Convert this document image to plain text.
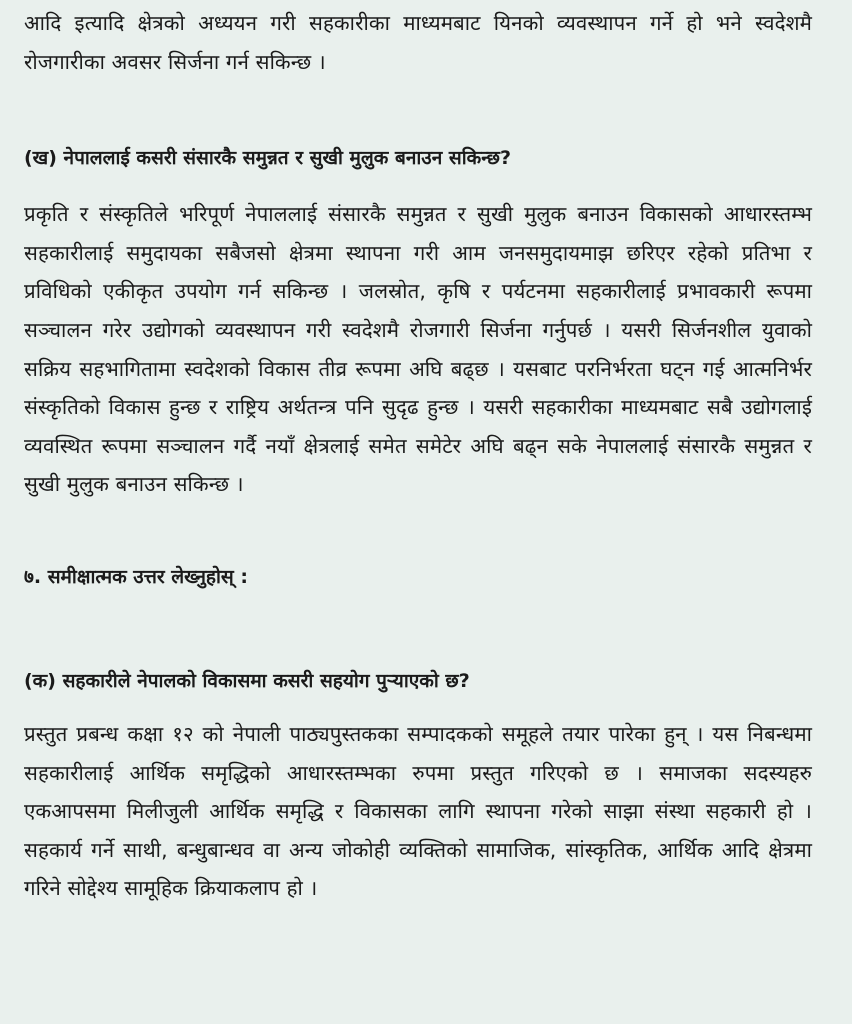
आदि इत्यादि क्षेत्रको अध्ययन गरी सहकारीका माध्यमबाट यिनको व्यवस्थापन गर्ने हो भने स्वदेशमै रोजगारीका अवसर सिर्जना गर्न सकिन्छ ।

(ख) नेपाललाई कसरी संसारकै समुन्नत र सुखी मुलुक बनाउन सकिन्छ?

प्रकृति र संस्कृतिले भरिपूर्ण नेपाललाई संसारकै समुन्नत र सुखी मुलुक बनाउन विकासको आधारस्तम्भ सहकारीलाई समुदायका सबैजसो क्षेत्रमा स्थापना गरी आम जनसमुदायमाझ छरिएर रहेको प्रतिभा र प्रविधिको एकीकृत उपयोग गर्न सकिन्छ । जलस्रोत, कृषि र पर्यटनमा सहकारीलाई प्रभावकारी रूपमा सञ्चालन गरेर उद्योगको व्यवस्थापन गरी स्वदेशमै रोजगारी सिर्जना गर्नुपर्छ । यसरी सिर्जनशील युवाको सक्रिय सहभागितामा स्वदेशको विकास तीव्र रूपमा अघि बढ्छ । यसबाट परनिर्भरता घट्न गई आत्मनिर्भर संस्कृतिको विकास हुन्छ र राष्ट्रिय अर्थतन्त्र पनि सुदृढ हुन्छ । यसरी सहकारीका माध्यमबाट सबै उद्योगलाई व्यवस्थित रूपमा सञ्चालन गर्दै नयाँ क्षेत्रलाई समेत समेटेर अघि बढ्न सके नेपाललाई संसारकै समुन्नत र सुखी मुलुक बनाउन सकिन्छ ।

७. समीक्षात्मक उत्तर लेख्नुहोस् :
(क) सहकारीले नेपालको विकासमा कसरी सहयोग पुऱ्याएको छ?

प्रस्तुत प्रबन्ध कक्षा १२ को नेपाली पाठ्यपुस्तकका सम्पादकको समूहले तयार पारेका हुन् । यस निबन्धमा सहकारीलाई आर्थिक समृद्धिको आधारस्तम्भका रुपमा प्रस्तुत गरिएको छ । समाजका सदस्यहरु एकआपसमा मिलीजुली आर्थिक समृद्धि र विकासका लागि स्थापना गरेको साझा संस्था सहकारी हो । सहकार्य गर्ने साथी, बन्धुबान्धव वा अन्य जोकोही व्यक्तिको सामाजिक, सांस्कृतिक, आर्थिक आदि क्षेत्रमा गरिने सोद्देश्य सामूहिक क्रियाकलाप हो ।
